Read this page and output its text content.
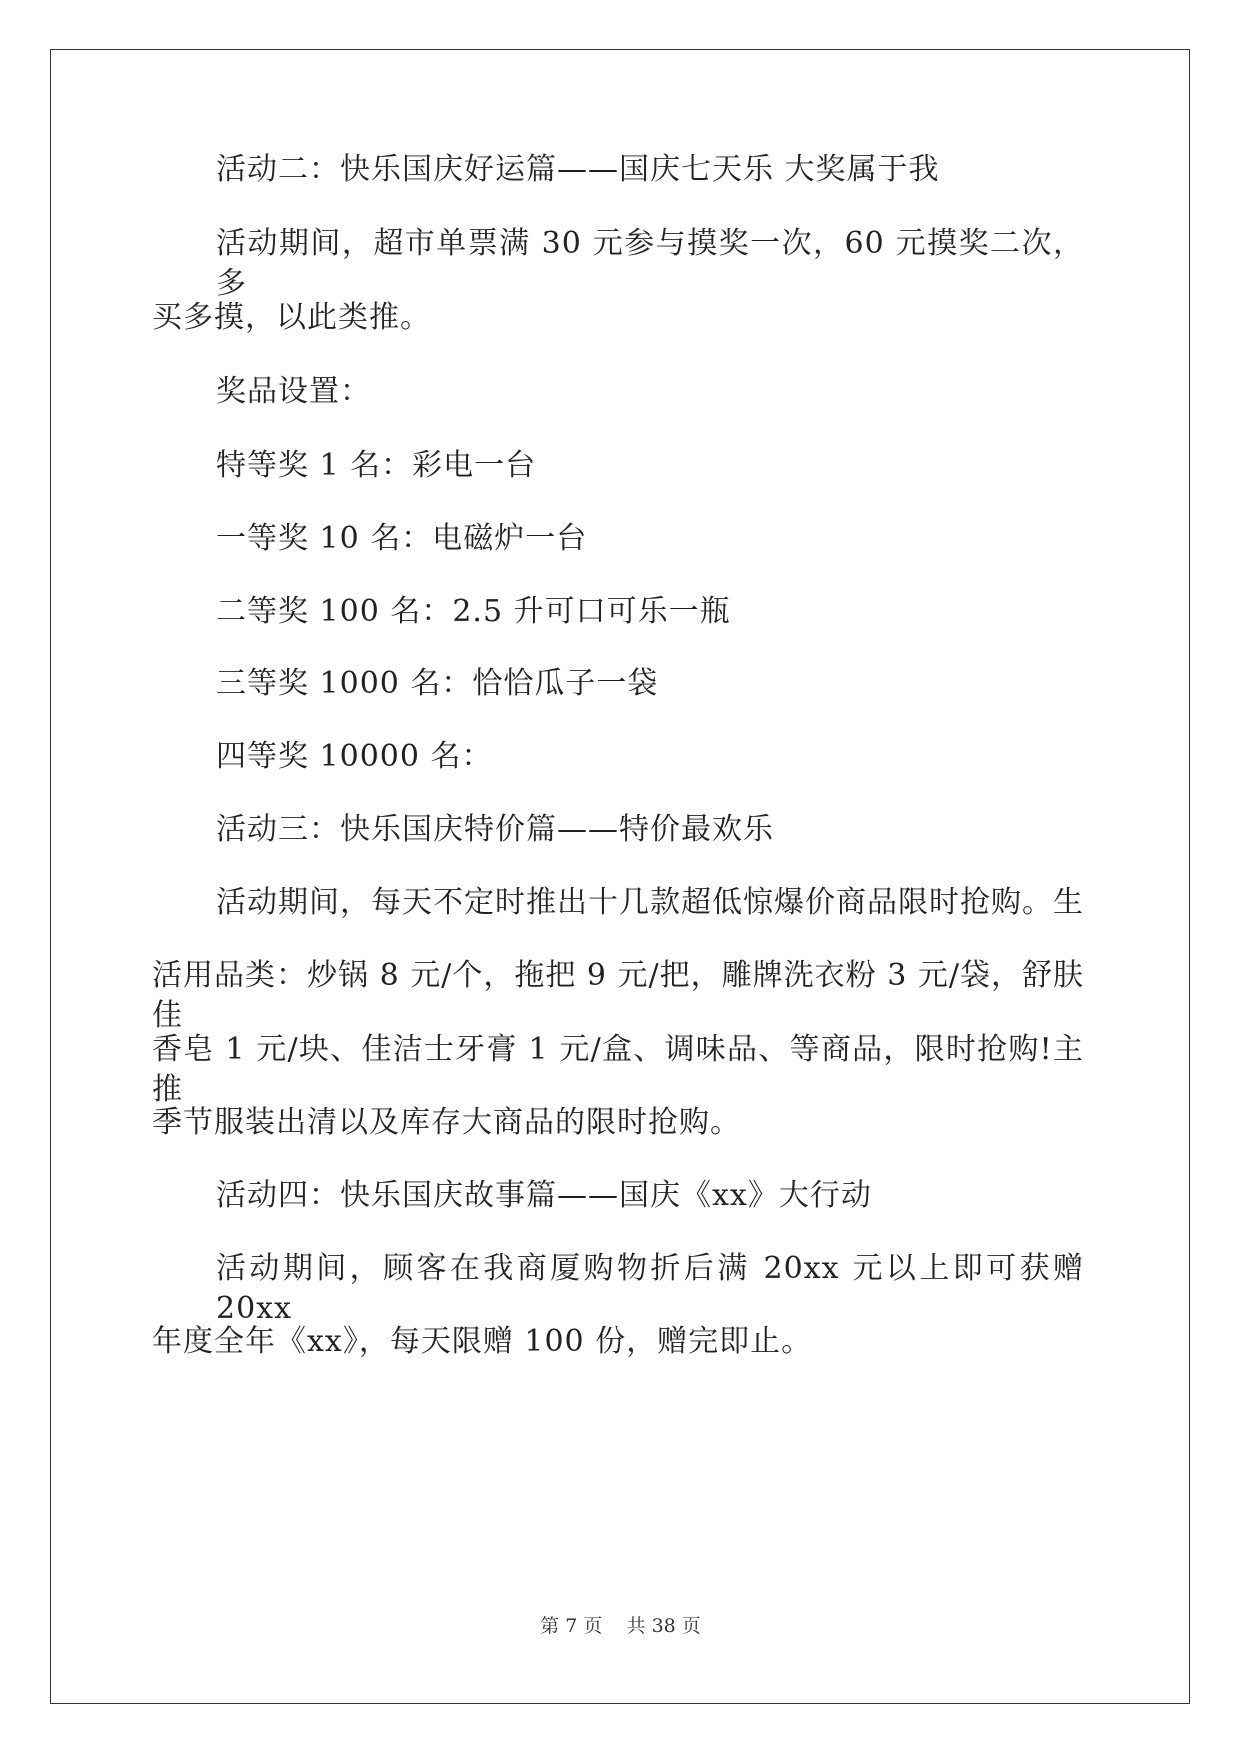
活动二：快乐国庆好运篇——国庆七天乐 大奖属于我
活动期间，超市单票满 30 元参与摸奖一次，60 元摸奖二次，多
买多摸，以此类推。
奖品设置：
特等奖 1 名：彩电一台
一等奖 10 名：电磁炉一台
二等奖 100 名：2.5 升可口可乐一瓶
三等奖 1000 名：恰恰瓜子一袋
四等奖 10000 名：
活动三：快乐国庆特价篇——特价最欢乐
活动期间，每天不定时推出十几款超低惊爆价商品限时抢购。生
活用品类：炒锅 8 元/个，拖把 9 元/把，雕牌洗衣粉 3 元/袋，舒肤佳
香皂 1 元/块、佳洁士牙膏 1 元/盒、调味品、等商品，限时抢购!主推
季节服装出清以及库存大商品的限时抢购。
活动四：快乐国庆故事篇——国庆《xx》大行动
活动期间，顾客在我商厦购物折后满 20xx 元以上即可获赠 20xx
年度全年《xx》，每天限赠 100 份，赠完即止。
第 7 页    共 38 页
